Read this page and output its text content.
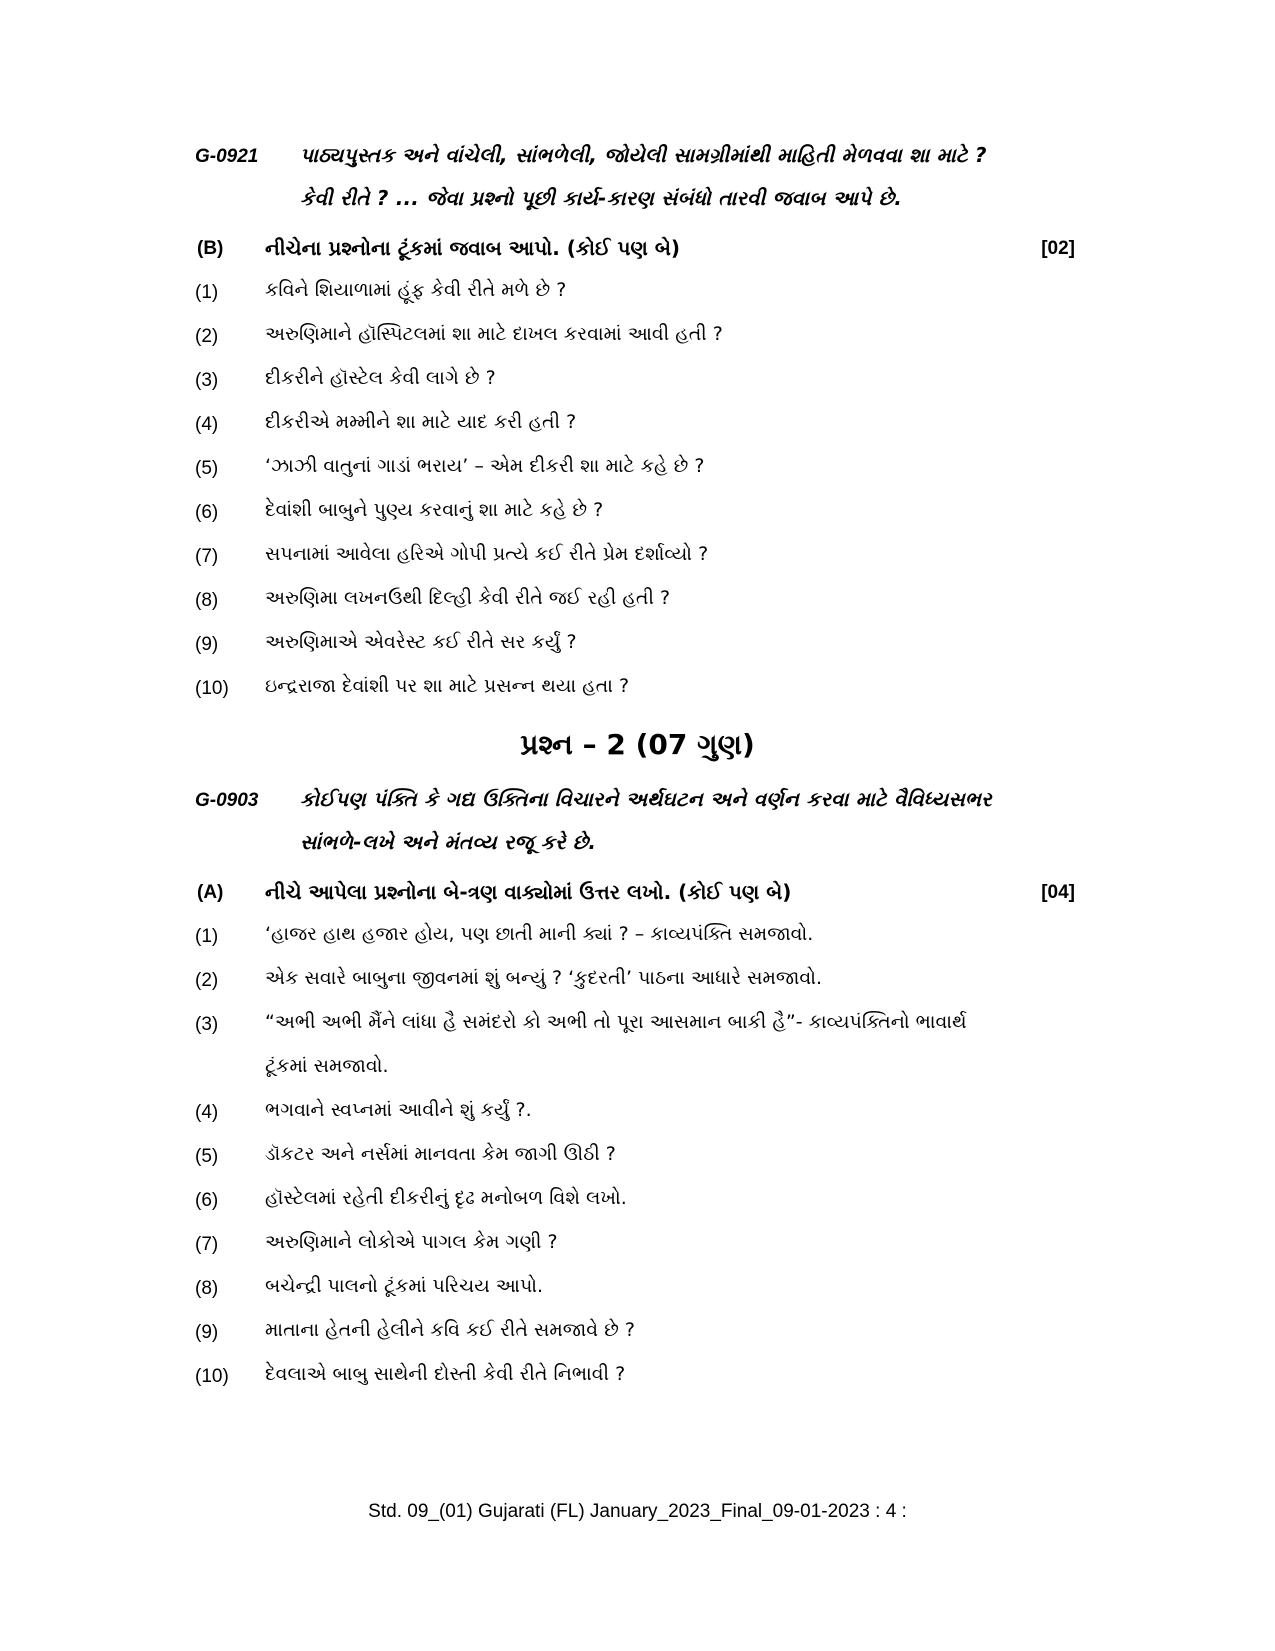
G-0921 પાઠ્યપુસ્તક અને વાંચેલી, સાંભળેલી, જોયેલી સામગ્રીમાંથી માહિતી મેળવવા શા માટે ?
કેવી રીતે ? ... જેવા પ્રશ્નો પૂછી કાર્ય-કારણ સંબંધો તારવી જવાબ આપે છે.
(B) નીચેના પ્રશ્નોના ટૂંકમાં જવાબ આપો. (કોઈ પણ બે)	[02]
(1) કવિને શિયાળામાં હૂંફ કેવી રીતે મળે છે ?
(2) અરુણિમાને હૉસ્પિટલમાં શા માટે દાખલ કરવામાં આવી હતી ?
(3) દીકરીને હૉસ્ટેલ કેવી લાગે છે ?
(4) દીકરીએ મમ્મીને શા માટે યાદ કરી હતી ?
(5) ‘ઝાઝી વાતુનાં ગાડાં ભરાય’ – એમ દીકરી શા માટે કહે છે ?
(6) દેવાંશી બાબુને પુણ્ય કરવાનું શા માટે કહે છે ?
(7) સપનામાં આવેલા હરિએ ગોપી પ્રત્યે કઈ રીતે પ્રેમ દર્શાવ્યો ?
(8) અરુણિમા લખનઉથી દિલ્હી કેવી રીતે જઈ રહી હતી ?
(9) અરુણિમાએ એવરેસ્ટ કઈ રીતે સર કર્યું ?
(10) ઇન્દ્રરાજા દેવાંશી પર શા માટે પ્રસન્ન થયા હતા ?
પ્રશ્ન – 2 (07 ગુણ)
G-0903 કોઈપણ પંક્તિ કે ગદ્ય ઉક્તિના વિચારને અર્થઘટન અને વર્ણન કરવા માટે વૈવિધ્યસભર
સાંભળે-લખે અને મંતવ્ય રજૂ કરે છે.
(A) નીચે આપેલા પ્રશ્નોના બે-ત્રણ વાક્યોમાં ઉત્તર લખો. (કોઈ પણ બે)	[04]
(1) ‘હાજર હાથ હજાર હોય, પણ છાતી માની ક્યાં ? – કાવ્યપંક્તિ સમજાવો.
(2) એક સવારે બાબુના જીવનમાં શું બન્યું ? ‘કુદરતી’ પાઠના આધારે સમજાવો.
(3) “અભી અભી મૈંને લાંધા હૈ સમંદરો કો અભી તો પૂરા આસમાન બાકી હૈ”- કાવ્યપંક્તિનો ભાવાર્થ
ટૂંકમાં સમજાવો.
(4) ભગવાને સ્વપ્નમાં આવીને શું કર્યું ?.
(5) ડૉકટર અને નર્સમાં માનવતા કેમ જાગી ઊઠી ?
(6) હૉસ્ટેલમાં રહેતી દીકરીનું દૃઢ મનોબળ વિશે લખો.
(7) અરુણિમાને લોકોએ પાગલ કેમ ગણી ?
(8) બચેન્દ્રી પાલનો ટૂંકમાં પરિચય આપો.
(9) માતાના હેતની હેલીને કવિ કઈ રીતે સમજાવે છે ?
(10) દેવલાએ બાબુ સાથેની દોસ્તી કેવી રીતે નિભાવી ?
Std. 09_(01) Gujarati (FL) January_2023_Final_09-01-2023 : 4 :
